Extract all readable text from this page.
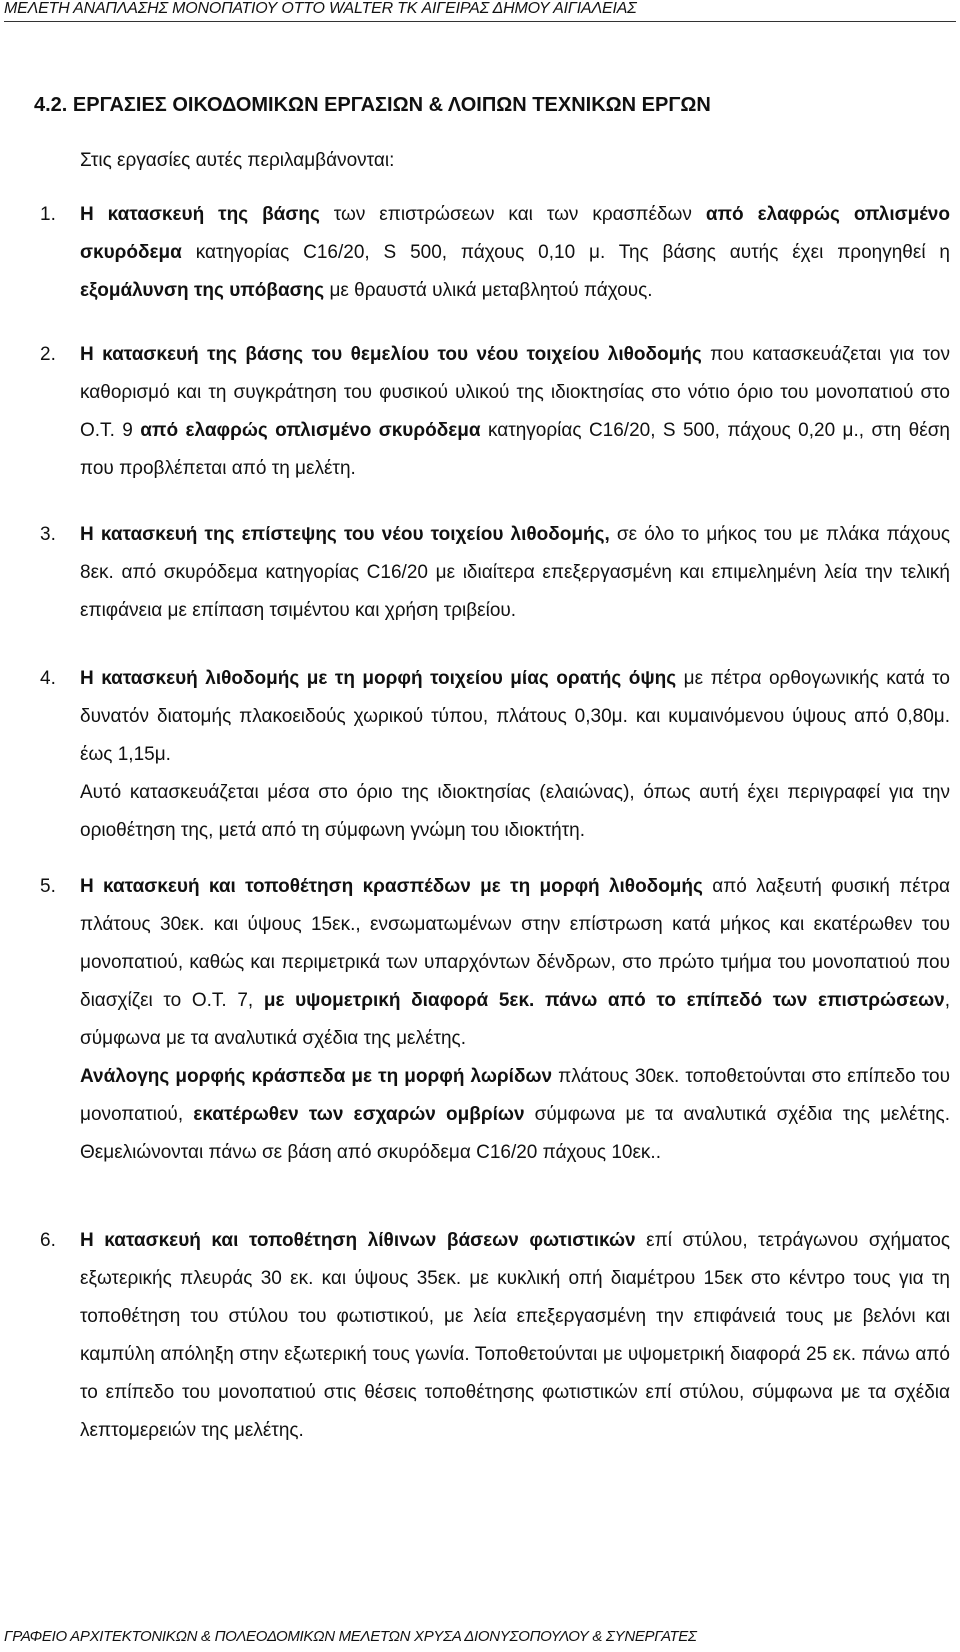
ΜΕΛΕΤΗ ΑΝΑΠΛΑΣΗΣ ΜΟΝΟΠΑΤΙΟΥ ΟΤΤΟ WALTER TK ΑΙΓΕΙΡΑΣ ΔΗΜΟΥ ΑΙΓΙΑΛΕΙΑΣ
4.2. ΕΡΓΑΣΙΕΣ ΟΙΚΟΔΟΜΙΚΩΝ ΕΡΓΑΣΙΩΝ & ΛΟΙΠΩΝ ΤΕΧΝΙΚΩΝ ΕΡΓΩΝ
Στις εργασίες αυτές περιλαμβάνονται:
1. Η κατασκευή της βάσης των επιστρώσεων και των κρασπέδων από ελαφρώς οπλισμένο σκυρόδεμα κατηγορίας C16/20, S 500, πάχους 0,10 μ. Της βάσης αυτής έχει προηγηθεί η εξομάλυνση της υπόβασης με θραυστά υλικά μεταβλητού πάχους.

2. Η κατασκευή της βάσης του θεμελίου του νέου τοιχείου λιθοδομής που κατασκευάζεται για τον καθορισμό και τη συγκράτηση του φυσικού υλικού της ιδιοκτησίας στο νότιο όριο του μονοπατιού στο Ο.Τ. 9 από ελαφρώς οπλισμένο σκυρόδεμα κατηγορίας C16/20, S 500, πάχους 0,20 μ., στη θέση που προβλέπεται από τη μελέτη.

3. Η κατασκευή της επίστεψης του νέου τοιχείου λιθοδομής, σε όλο το μήκος του με πλάκα πάχους 8εκ. από σκυρόδεμα κατηγορίας C16/20 με ιδιαίτερα επεξεργασμένη και επιμελημένη λεία την τελική επιφάνεια με επίπαση τσιμέντου και χρήση τριβείου.

4. Η κατασκευή λιθοδομής με τη μορφή τοιχείου μίας ορατής όψης με πέτρα ορθογωνικής κατά το δυνατόν διατομής πλακοειδούς χωρικού τύπου, πλάτους 0,30μ. και κυμαινόμενου ύψους από 0,80μ. έως 1,15μ.

Αυτό κατασκευάζεται μέσα στο όριο της ιδιοκτησίας (ελαιώνας), όπως αυτή έχει περιγραφεί για την οριοθέτηση της, μετά από τη σύμφωνη γνώμη του ιδιοκτήτη.

5. Η κατασκευή και τοποθέτηση κρασπέδων με τη μορφή λιθοδομής από λαξευτή φυσική πέτρα πλάτους 30εκ. και ύψους 15εκ., ενσωματωμένων στην επίστρωση κατά μήκος και εκατέρωθεν του μονοπατιού, καθώς και περιμετρικά των υπαρχόντων δένδρων, στο πρώτο τμήμα του μονοπατιού που διασχίζει το Ο.Τ. 7, με υψομετρική διαφορά 5εκ. πάνω από το επίπεδό των επιστρώσεων, σύμφωνα με τα αναλυτικά σχέδια της μελέτης.

Ανάλογης μορφής κράσπεδα με τη μορφή λωρίδων πλάτους 30εκ. τοποθετούνται στο επίπεδο του μονοπατιού, εκατέρωθεν των εσχαρών ομβρίων σύμφωνα με τα αναλυτικά σχέδια της μελέτης. Θεμελιώνονται πάνω σε βάση από σκυρόδεμα C16/20 πάχους 10εκ..

6. Η κατασκευή και τοποθέτηση λίθινων βάσεων φωτιστικών επί στύλου, τετράγωνου σχήματος εξωτερικής πλευράς 30 εκ. και ύψους 35εκ. με κυκλική οπή διαμέτρου 15εκ στο κέντρο τους για τη τοποθέτηση του στύλου του φωτιστικού, με λεία επεξεργασμένη την επιφάνειά τους με βελόνι και καμπύλη απόληξη στην εξωτερική τους γωνία. Τοποθετούνται με υψομετρική διαφορά 25 εκ. πάνω από το επίπεδο του μονοπατιού στις θέσεις τοποθέτησης φωτιστικών επί στύλου, σύμφωνα με τα σχέδια λεπτομερειών της μελέτης.

ΓΡΑΦΕΙΟ ΑΡΧΙΤΕΚΤΟΝΙΚΩΝ & ΠΟΛΕΟΔΟΜΙΚΩΝ ΜΕΛΕΤΩΝ ΧΡΥΣΑ ΔΙΟΝΥΣΟΠΟΥΛΟΥ & ΣΥΝΕΡΓΑΤΕΣ
